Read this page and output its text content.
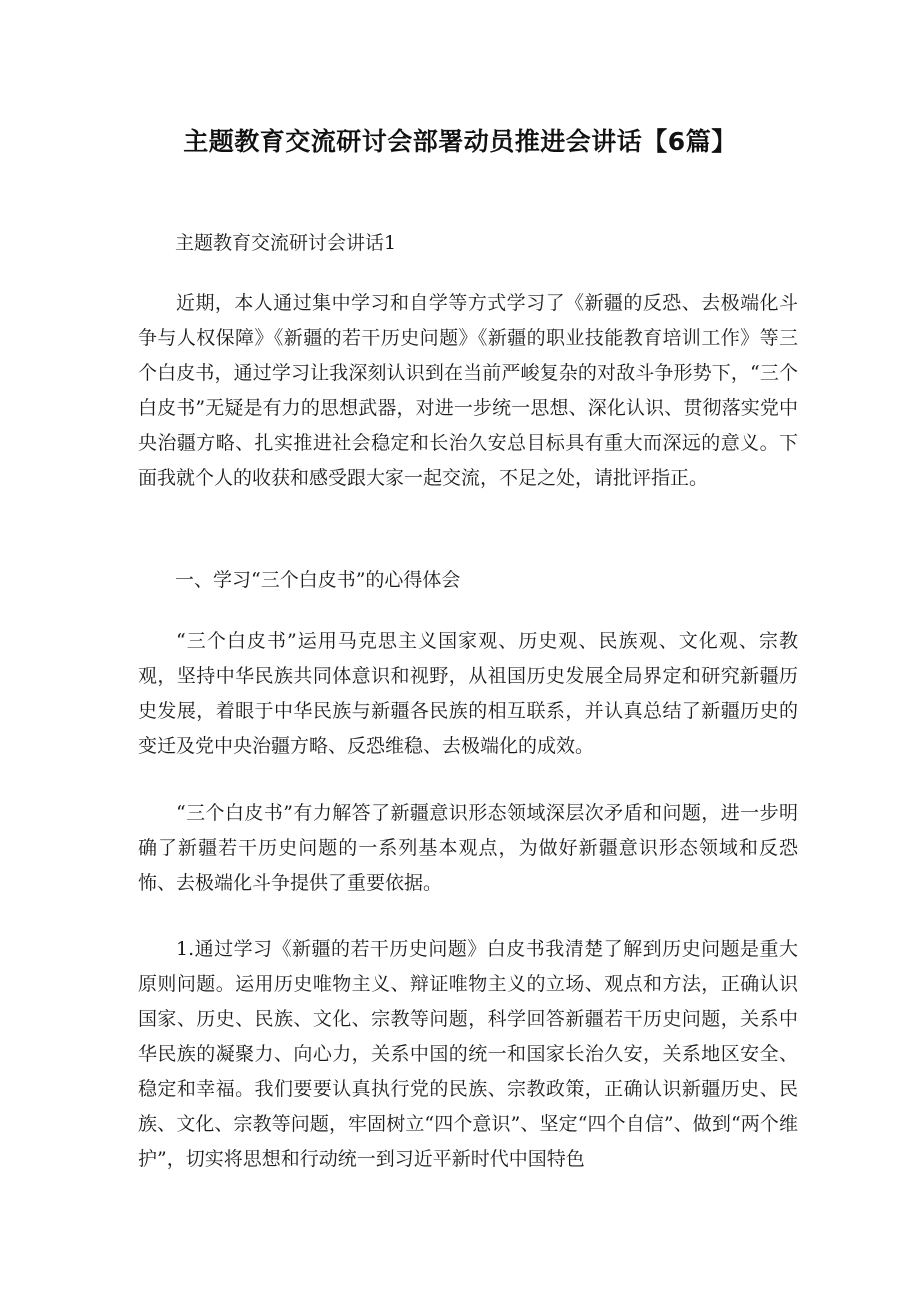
主题教育交流研讨会部署动员推进会讲话【6篇】
主题教育交流研讨会讲话1
近期，本人通过集中学习和自学等方式学习了《新疆的反恐、去极端化斗争与人权保障》《新疆的若干历史问题》《新疆的职业技能教育培训工作》等三个白皮书，通过学习让我深刻认识到在当前严峻复杂的对敌斗争形势下，“三个白皮书”无疑是有力的思想武器，对进一步统一思想、深化认识、贯彻落实党中央治疆方略、扎实推进社会稳定和长治久安总目标具有重大而深远的意义。下面我就个人的收获和感受跟大家一起交流，不足之处，请批评指正。
一、学习“三个白皮书”的心得体会
“三个白皮书”运用马克思主义国家观、历史观、民族观、文化观、宗教观，坚持中华民族共同体意识和视野，从祖国历史发展全局界定和研究新疆历史发展，着眼于中华民族与新疆各民族的相互联系，并认真总结了新疆历史的变迁及党中央治疆方略、反恐维稳、去极端化的成效。
“三个白皮书”有力解答了新疆意识形态领域深层次矛盾和问题，进一步明确了新疆若干历史问题的一系列基本观点，为做好新疆意识形态领域和反恐怖、去极端化斗争提供了重要依据。
1.通过学习《新疆的若干历史问题》白皮书我清楚了解到历史问题是重大原则问题。运用历史唯物主义、辩证唯物主义的立场、观点和方法，正确认识国家、历史、民族、文化、宗教等问题，科学回答新疆若干历史问题，关系中华民族的凝聚力、向心力，关系中国的统一和国家长治久安，关系地区安全、稳定和幸福。我们要要认真执行党的民族、宗教政策，正确认识新疆历史、民族、文化、宗教等问题，牢固树立“四个意识”、坚定“四个自信”、做到“两个维护”，切实将思想和行动统一到习近平新时代中国特色
